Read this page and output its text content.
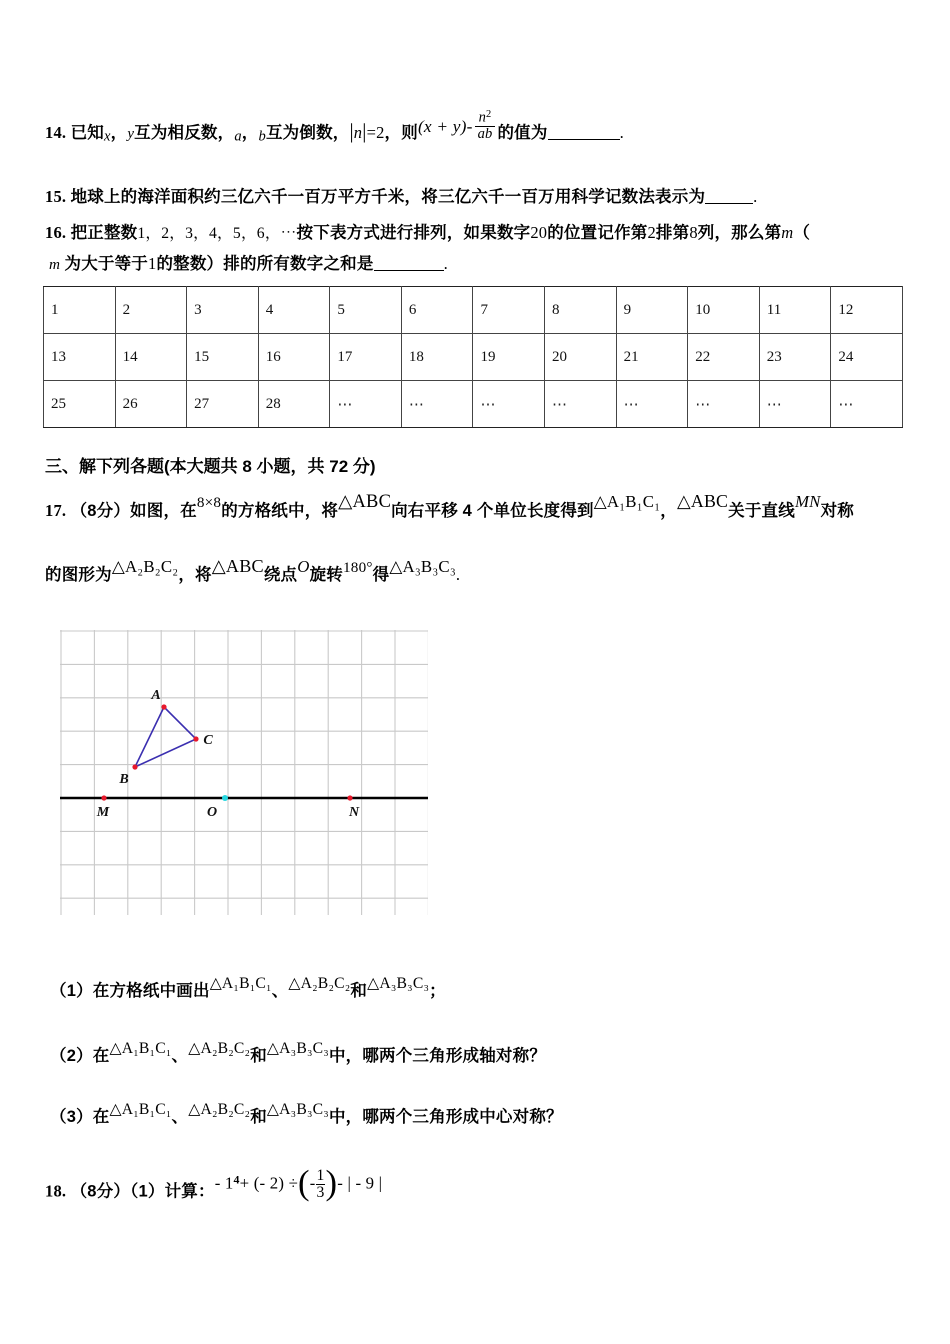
14. 已知x，y互为相反数，a，b互为倒数，|n|=2，则$(x + y)- \frac{n^2}{ab}$ 的值为	.
15. 地球上的海洋面积约三亿六千一百万平方千米，将三亿六千一百万用科学记数法表示为	.
16. 把正整数1，2，3，4，5，6，⋯按下表方式进行排列，如果数字20的位置记作第2排第8列，那么第m（
m 为大于等于1的整数）排的所有数字之和是	.
1	2	3	4	5	6	7	8	9	10	11	12
13	14	15	16	17	18	19	20	21	22	23	24
25	26	27	28	⋯	⋯	⋯	⋯	⋯	⋯	⋯	⋯
三、解下列各题(本大题共 8 小题，共 72 分)
17. （8分）如图，在8×8的方格纸中，将△ABC向右平移 4 个单位长度得到△A₁B₁C₁，△ABC关于直线MN对称
的图形为△A₂B₂C₂，将△ABC绕点O旋转180°得△A₃B₃C₃.
A
B
C
M	O	N
（1）在方格纸中画出△A₁B₁C₁、△A₂B₂C₂和△A₃B₃C₃；
（2）在△A₁B₁C₁、△A₂B₂C₂和△A₃B₃C₃中，哪两个三角形成轴对称？
（3）在△A₁B₁C₁、△A₂B₂C₂和△A₃B₃C₃中，哪两个三角形成中心对称？
18. （8分）（1）计算：- $1^4+$ (- 2) ÷(- $\frac{1}{3}$ )- | - 9 |
